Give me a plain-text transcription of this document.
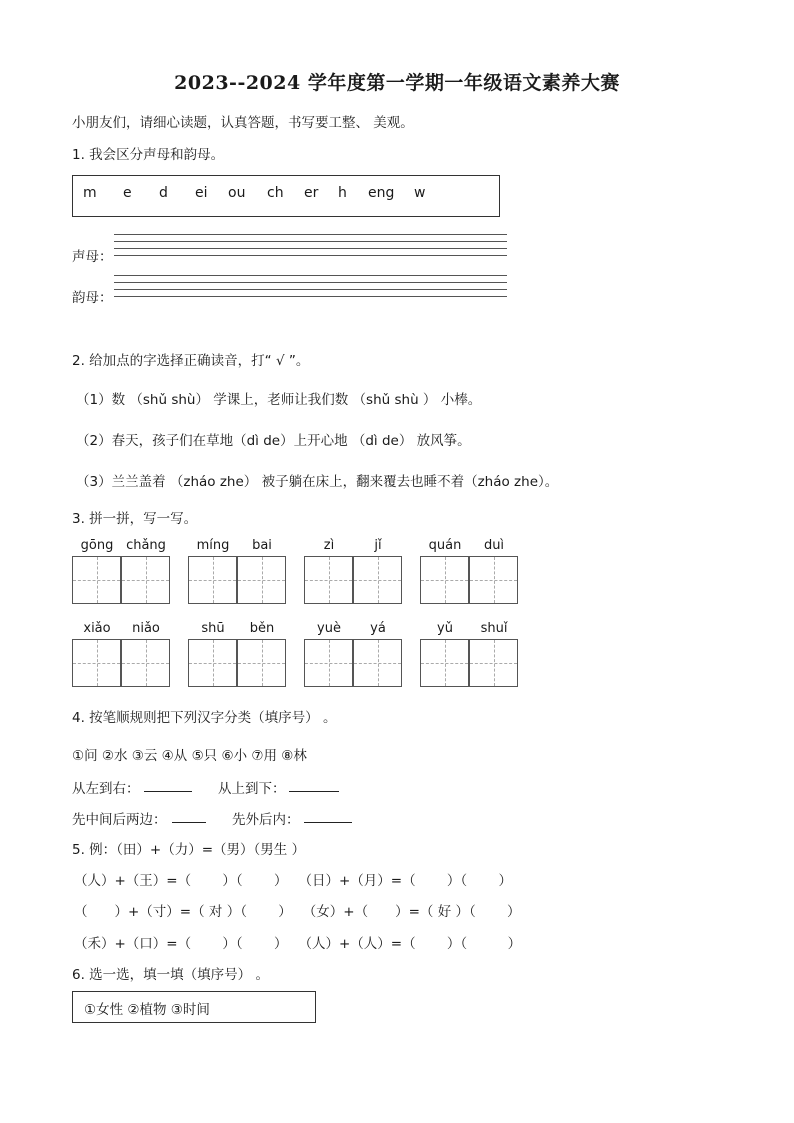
2023--2024 学年度第一学期一年级语文素养大赛
小朋友们，请细心读题，认真答题，书写要工整、 美观。
1. 我会区分声母和韵母。
m e d ei ou ch er h eng w
声母：
韵母：
2. 给加点的字选择正确读音，打“ √ ”。
（1）数 （shǔ shù） 学课上，老师让我们数 （shǔ shù ） 小棒。
（2）春天，孩子们在草地（dì de）上开心地 （dì de） 放风筝。
（3）兰兰盖着 （zháo zhe） 被子躺在床上，翻来覆去也睡不着（zháo zhe）。
3. 拼一拼，写一写。
gōng chǎng	míng	bai	zì	jǐ	quán	duì
xiǎo	niǎo	shū	běn	yuè	yá	yǔ	shuǐ
4. 按笔顺规则把下列汉字分类（填序号） 。
①问 ②水 ③云 ④从 ⑤只 ⑥小 ⑦用 ⑧林
从左到右：	从上到下：
先中间后两边：	先外后内：
5. 例：（田）+（力）=（男）（男生 ）
（人）+（王）=（　　 ）（　　 ）　 （日）+（月）=（　　 ）（　　 ）
（　　）+（寸）=（ 对 ）（　　 ）　 （女）+（　　）=（ 好 ）（　　 ）
（禾）+（口）=（　　 ）（　　 ）　 （人）+（人）=（　　 ）（　　　）
6. 选一选，填一填（填序号） 。
①女性 ②植物 ③时间
